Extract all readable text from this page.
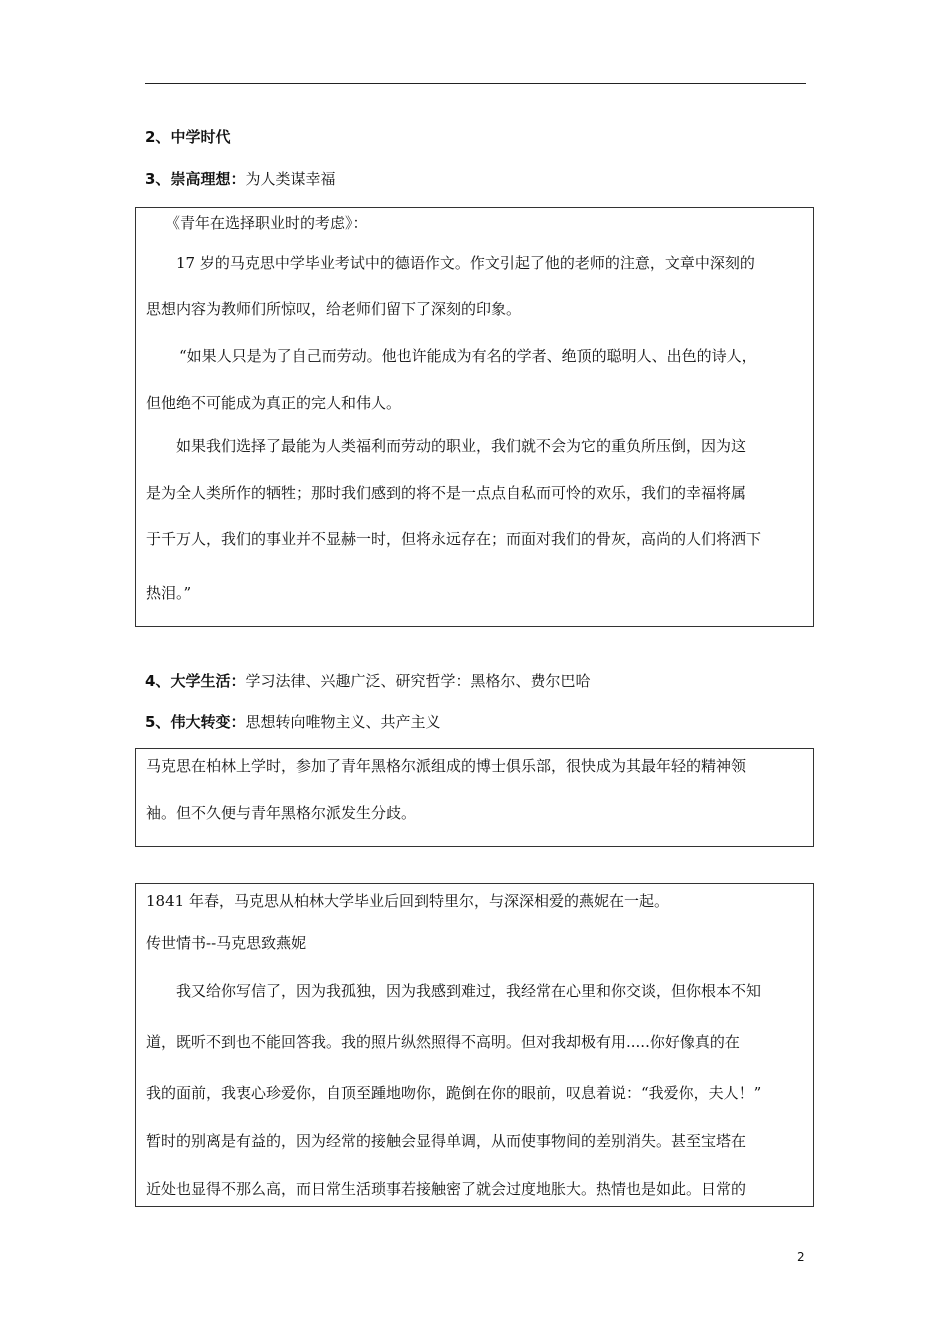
2、中学时代
3、崇高理想：为人类谋幸福
《青年在选择职业时的考虑》：
17 岁的马克思中学毕业考试中的德语作文。作文引起了他的老师的注意，文章中深刻的
思想内容为教师们所惊叹，给老师们留下了深刻的印象。
“如果人只是为了自己而劳动。他也许能成为有名的学者、绝顶的聪明人、出色的诗人，
但他绝不可能成为真正的完人和伟人。
如果我们选择了最能为人类福利而劳动的职业，我们就不会为它的重负所压倒，因为这
是为全人类所作的牺牲；那时我们感到的将不是一点点自私而可怜的欢乐，我们的幸福将属
于千万人，我们的事业并不显赫一时，但将永远存在；而面对我们的骨灰，高尚的人们将洒下
热泪。”
4、大学生活：学习法律、兴趣广泛、研究哲学：黑格尔、费尔巴哈
5、伟大转变：思想转向唯物主义、共产主义
马克思在柏林上学时，参加了青年黑格尔派组成的博士俱乐部，很快成为其最年轻的精神领
袖。但不久便与青年黑格尔派发生分歧。
1841 年春，马克思从柏林大学毕业后回到特里尔，与深深相爱的燕妮在一起。
传世情书--马克思致燕妮
我又给你写信了，因为我孤独，因为我感到难过，我经常在心里和你交谈，但你根本不知
道，既听不到也不能回答我。我的照片纵然照得不高明。但对我却极有用.....你好像真的在
我的面前，我衷心珍爱你，自顶至踵地吻你，跪倒在你的眼前，叹息着说：“我爱你，夫人！”
暂时的别离是有益的，因为经常的接触会显得单调，从而使事物间的差别消失。甚至宝塔在
近处也显得不那么高，而日常生活琐事若接触密了就会过度地胀大。热情也是如此。日常的
2
